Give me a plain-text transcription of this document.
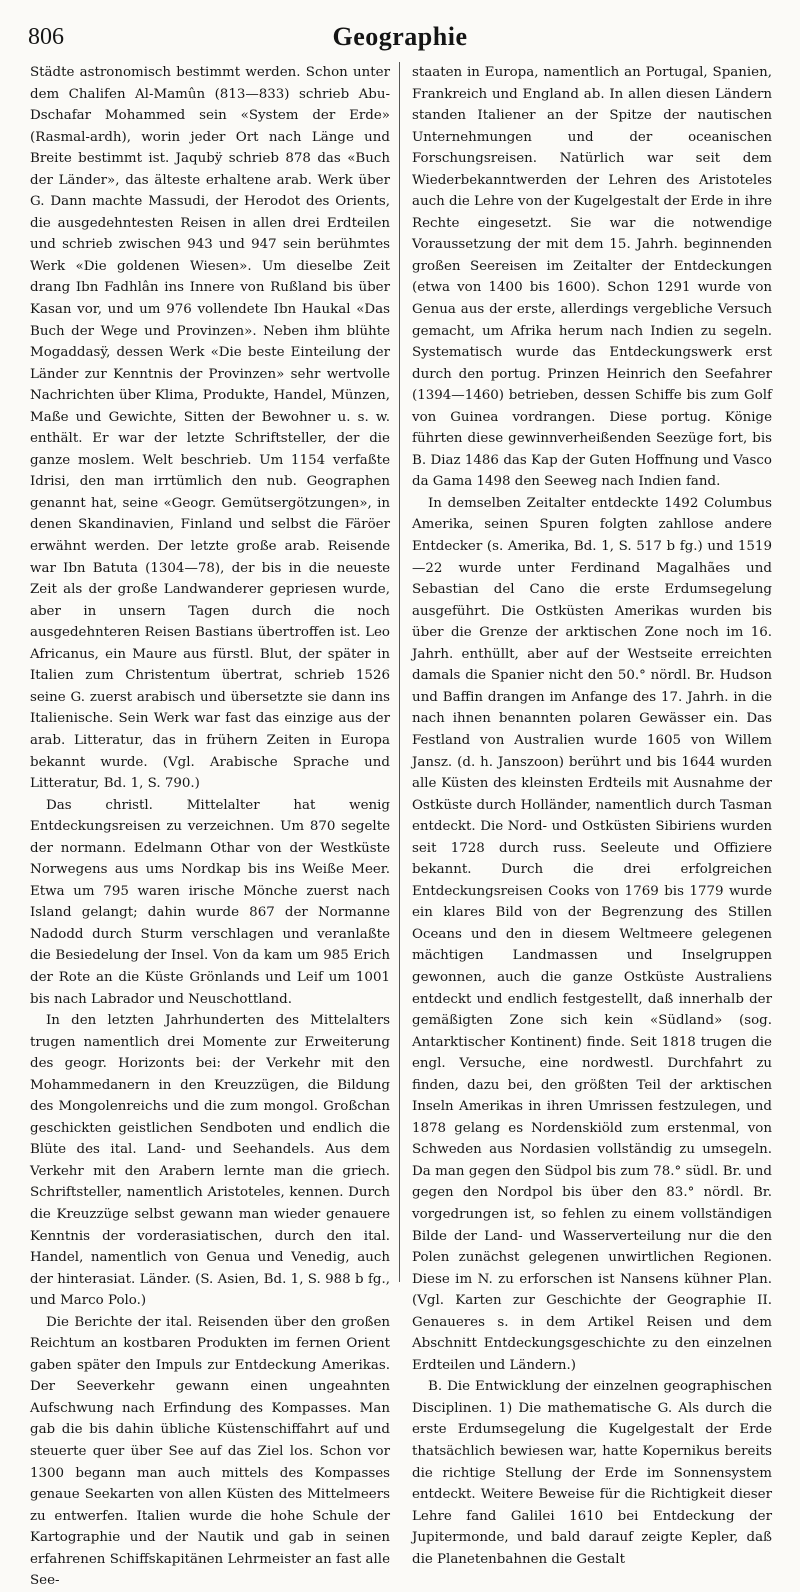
806	Geographie

Städte astronomisch bestimmt werden. Schon unter dem Chalifen Al-Mamûn (813—833) schrieb Abu-Dschafar Mohammed sein «System der Erde» (Rasmal-ardh), worin jeder Ort nach Länge und Breite bestimmt ist. Jaqubÿ schrieb 878 das «Buch der Länder», das älteste erhaltene arab. Werk über G. Dann machte Massudi, der Herodot des Orients, die ausgedehntesten Reisen in allen drei Erdteilen und schrieb zwischen 943 und 947 sein berühmtes Werk «Die goldenen Wiesen». Um dieselbe Zeit drang Ibn Fadhlân ins Innere von Rußland bis über Kasan vor, und um 976 vollendete Ibn Haukal «Das Buch der Wege und Provinzen». Neben ihm blühte Mogaddasÿ, dessen Werk «Die beste Einteilung der Länder zur Kenntnis der Provinzen» sehr wertvolle Nachrichten über Klima, Produkte, Handel, Münzen, Maße und Gewichte, Sitten der Bewohner u. s. w. enthält. Er war der letzte Schriftsteller, der die ganze moslem. Welt beschrieb. Um 1154 verfaßte Idrisi, den man irrtümlich den nub. Geographen genannt hat, seine «Geogr. Gemütsergötzungen», in denen Skandinavien, Finland und selbst die Färöer erwähnt werden. Der letzte große arab. Reisende war Ibn Batuta (1304—78), der bis in die neueste Zeit als der große Landwanderer gepriesen wurde, aber in unsern Tagen durch die noch ausgedehnteren Reisen Bastians übertroffen ist. Leo Africanus, ein Maure aus fürstl. Blut, der später in Italien zum Christentum übertrat, schrieb 1526 seine G. zuerst arabisch und übersetzte sie dann ins Italienische. Sein Werk war fast das einzige aus der arab. Litteratur, das in frühern Zeiten in Europa bekannt wurde. (Vgl. Arabische Sprache und Litteratur, Bd. 1, S. 790.)

Das christl. Mittelalter hat wenig Entdeckungsreisen zu verzeichnen. Um 870 segelte der normann. Edelmann Othar von der Westküste Norwegens aus ums Nordkap bis ins Weiße Meer. Etwa um 795 waren irische Mönche zuerst nach Island gelangt; dahin wurde 867 der Normanne Nadodd durch Sturm verschlagen und veranlaßte die Besiedelung der Insel. Von da kam um 985 Erich der Rote an die Küste Grönlands und Leif um 1001 bis nach Labrador und Neuschottland.

In den letzten Jahrhunderten des Mittelalters trugen namentlich drei Momente zur Erweiterung des geogr. Horizonts bei: der Verkehr mit den Mohammedanern in den Kreuzzügen, die Bildung des Mongolenreichs und die zum mongol. Großchan geschickten geistlichen Sendboten und endlich die Blüte des ital. Land- und Seehandels. Aus dem Verkehr mit den Arabern lernte man die griech. Schriftsteller, namentlich Aristoteles, kennen. Durch die Kreuzzüge selbst gewann man wieder genauere Kenntnis der vorderasiatischen, durch den ital. Handel, namentlich von Genua und Venedig, auch der hinterasiat. Länder. (S. Asien, Bd. 1, S. 988 b fg., und Marco Polo.)

Die Berichte der ital. Reisenden über den großen Reichtum an kostbaren Produkten im fernen Orient gaben später den Impuls zur Entdeckung Amerikas. Der Seeverkehr gewann einen ungeahnten Aufschwung nach Erfindung des Kompasses. Man gab die bis dahin übliche Küstenschiffahrt auf und steuerte quer über See auf das Ziel los. Schon vor 1300 begann man auch mittels des Kompasses genaue Seekarten von allen Küsten des Mittelmeers zu entwerfen. Italien wurde die hohe Schule der Kartographie und der Nautik und gab in seinen erfahrenen Schiffskapitänen Lehrmeister an fast alle See-

staaten in Europa, namentlich an Portugal, Spanien, Frankreich und England ab. In allen diesen Ländern standen Italiener an der Spitze der nautischen Unternehmungen und der oceanischen Forschungsreisen. Natürlich war seit dem Wiederbekanntwerden der Lehren des Aristoteles auch die Lehre von der Kugelgestalt der Erde in ihre Rechte eingesetzt. Sie war die notwendige Voraussetzung der mit dem 15. Jahrh. beginnenden großen Seereisen im Zeitalter der Entdeckungen (etwa von 1400 bis 1600). Schon 1291 wurde von Genua aus der erste, allerdings vergebliche Versuch gemacht, um Afrika herum nach Indien zu segeln. Systematisch wurde das Entdeckungswerk erst durch den portug. Prinzen Heinrich den Seefahrer (1394—1460) betrieben, dessen Schiffe bis zum Golf von Guinea vordrangen. Diese portug. Könige führten diese gewinnverheißenden Seezüge fort, bis B. Diaz 1486 das Kap der Guten Hoffnung und Vasco da Gama 1498 den Seeweg nach Indien fand.

In demselben Zeitalter entdeckte 1492 Columbus Amerika, seinen Spuren folgten zahllose andere Entdecker (s. Amerika, Bd. 1, S. 517 b fg.) und 1519—22 wurde unter Ferdinand Magalhães und Sebastian del Cano die erste Erdumsegelung ausgeführt. Die Ostküsten Amerikas wurden bis über die Grenze der arktischen Zone noch im 16. Jahrh. enthüllt, aber auf der Westseite erreichten damals die Spanier nicht den 50.° nördl. Br. Hudson und Baffin drangen im Anfange des 17. Jahrh. in die nach ihnen benannten polaren Gewässer ein. Das Festland von Australien wurde 1605 von Willem Jansz. (d. h. Janszoon) berührt und bis 1644 wurden alle Küsten des kleinsten Erdteils mit Ausnahme der Ostküste durch Holländer, namentlich durch Tasman entdeckt. Die Nord- und Ostküsten Sibiriens wurden seit 1728 durch russ. Seeleute und Offiziere bekannt. Durch die drei erfolgreichen Entdeckungsreisen Cooks von 1769 bis 1779 wurde ein klares Bild von der Begrenzung des Stillen Oceans und den in diesem Weltmeere gelegenen mächtigen Landmassen und Inselgruppen gewonnen, auch die ganze Ostküste Australiens entdeckt und endlich festgestellt, daß innerhalb der gemäßigten Zone sich kein «Südland» (sog. Antarktischer Kontinent) finde. Seit 1818 trugen die engl. Versuche, eine nordwestl. Durchfahrt zu finden, dazu bei, den größten Teil der arktischen Inseln Amerikas in ihren Umrissen festzulegen, und 1878 gelang es Nordenskiöld zum erstenmal, von Schweden aus Nordasien vollständig zu umsegeln. Da man gegen den Südpol bis zum 78.° südl. Br. und gegen den Nordpol bis über den 83.° nördl. Br. vorgedrungen ist, so fehlen zu einem vollständigen Bilde der Land- und Wasserverteilung nur die den Polen zunächst gelegenen unwirtlichen Regionen. Diese im N. zu erforschen ist Nansens kühner Plan. (Vgl. Karten zur Geschichte der Geographie II. Genaueres s. in dem Artikel Reisen und dem Abschnitt Entdeckungsgeschichte zu den einzelnen Erdteilen und Ländern.)

B. Die Entwicklung der einzelnen geographischen Disciplinen. 1) Die mathematische G. Als durch die erste Erdumsegelung die Kugelgestalt der Erde thatsächlich bewiesen war, hatte Kopernikus bereits die richtige Stellung der Erde im Sonnensystem entdeckt. Weitere Beweise für die Richtigkeit dieser Lehre fand Galilei 1610 bei Entdeckung der Jupitermonde, und bald darauf zeigte Kepler, daß die Planetenbahnen die Gestalt
